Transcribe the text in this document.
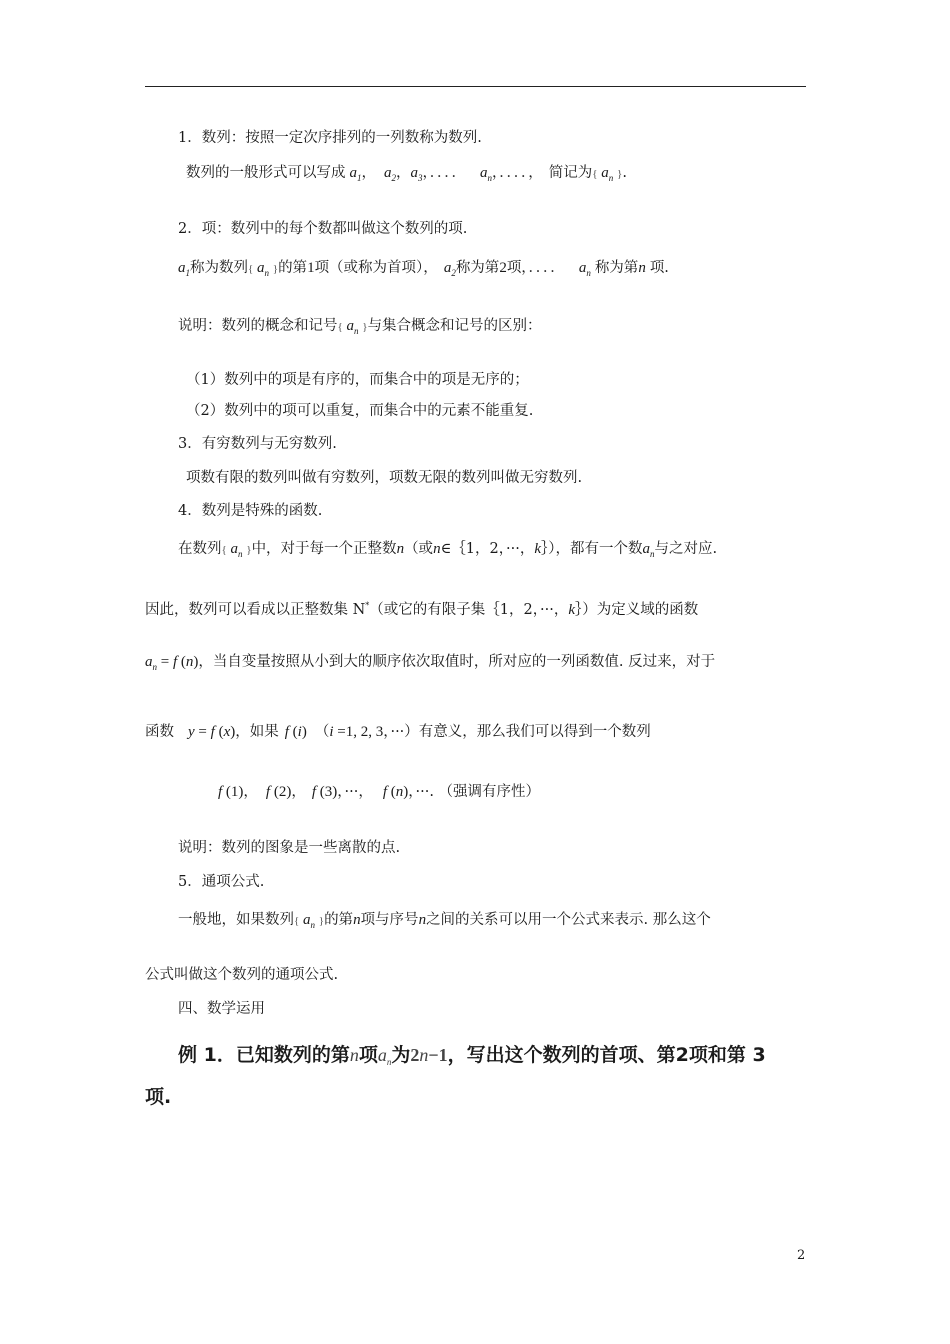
1．数列：按照一定次序排列的一列数称为数列.
数列的一般形式可以写成 $a_1$， $a_2$，$a_3$，．．．． $a_n$，．．．．， 简记为{ $a_n$ }.
2．项：数列中的每个数都叫做这个数列的项.
$a_1$称为数列{ $a_n$ }的第1项（或称为首项）， $a_2$称为第2项，．．．． $a_n$ 称为第n 项.
说明：数列的概念和记号{ $a_n$ }与集合概念和记号的区别：
（1）数列中的项是有序的，而集合中的项是无序的；
（2）数列中的项可以重复，而集合中的元素不能重复.
3．有穷数列与无穷数列.
项数有限的数列叫做有穷数列，项数无限的数列叫做无穷数列.
4．数列是特殊的函数.
在数列{ $a_n$ }中，对于每一个正整数n（或n∈｛1，2，···，k｝），都有一个数$a_n$与之对应.
因此，数列可以看成以正整数集 N*（或它的有限子集｛1，2，···，k｝）为定义域的函数
$a_n = f$ (n)，当自变量按照从小到大的顺序依次取值时，所对应的一列函数值. 反过来，对于
函数 y = f (x)，如果 f (i) （i =1, 2, 3，···）有意义，那么我们可以得到一个数列
f (1)， f (2)， f (3)，···， f (n)，···. （强调有序性）
说明：数列的图象是一些离散的点.
5．通项公式.
一般地，如果数列{ $a_n$ }的第n项与序号n之间的关系可以用一个公式来表示. 那么这个
公式叫做这个数列的通项公式.
四、数学运用
例 1．已知数列的第n项$a_n$为2n−1，写出这个数列的首项、第2项和第 3
项.
2
